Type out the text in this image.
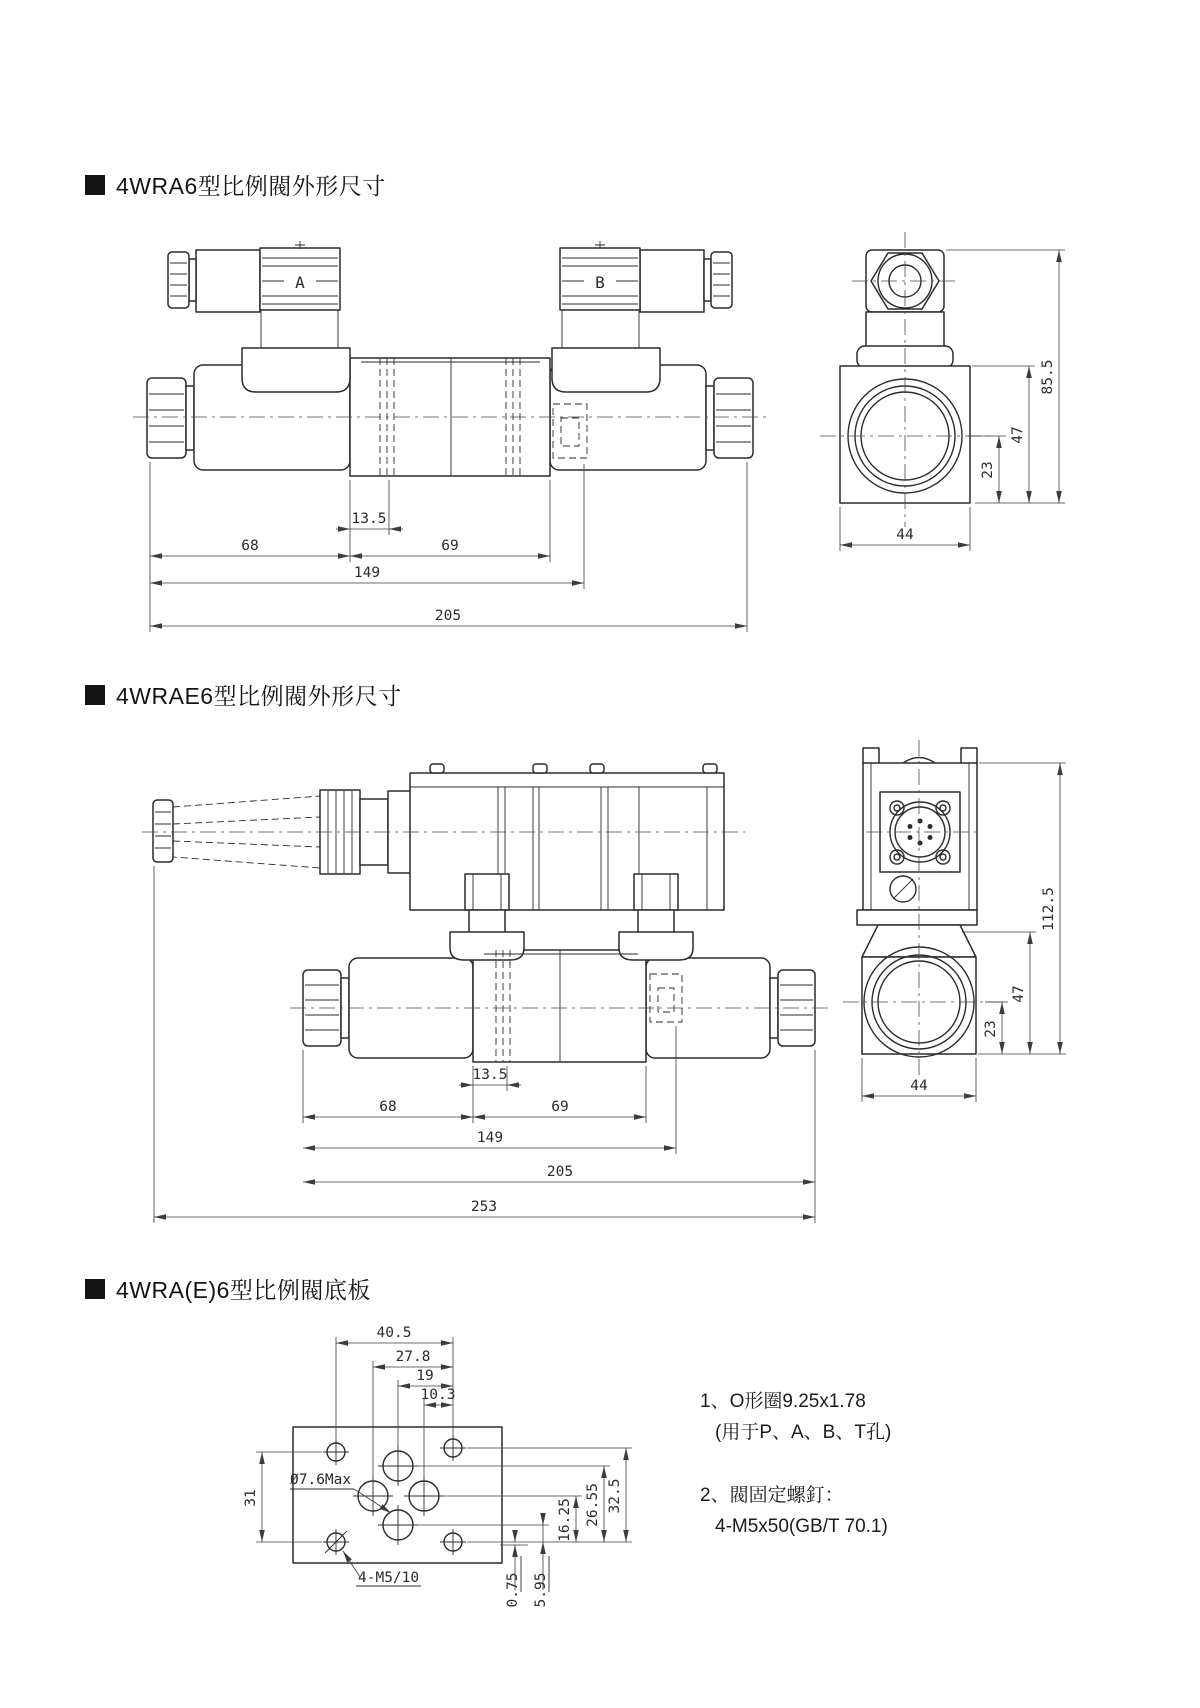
4WRA6型比例閥外形尺寸
4WRAE6型比例閥外形尺寸
4WRA(E)6型比例閥底板
1、O形圈9.25x1.78
(用于P、A、B、T孔)
2、閥固定螺釘：
4-M5x50(GB/T 70.1)
A	B
13.5
68	69
149
205
23
47
85.5
44
13.5
68	69
149
205
253
112.5
47
23
44
40.5
27.8
19
10.3
31	26.55
16.25
32.5
0.75 5.95
Ø7.6Max
4-M5/10
